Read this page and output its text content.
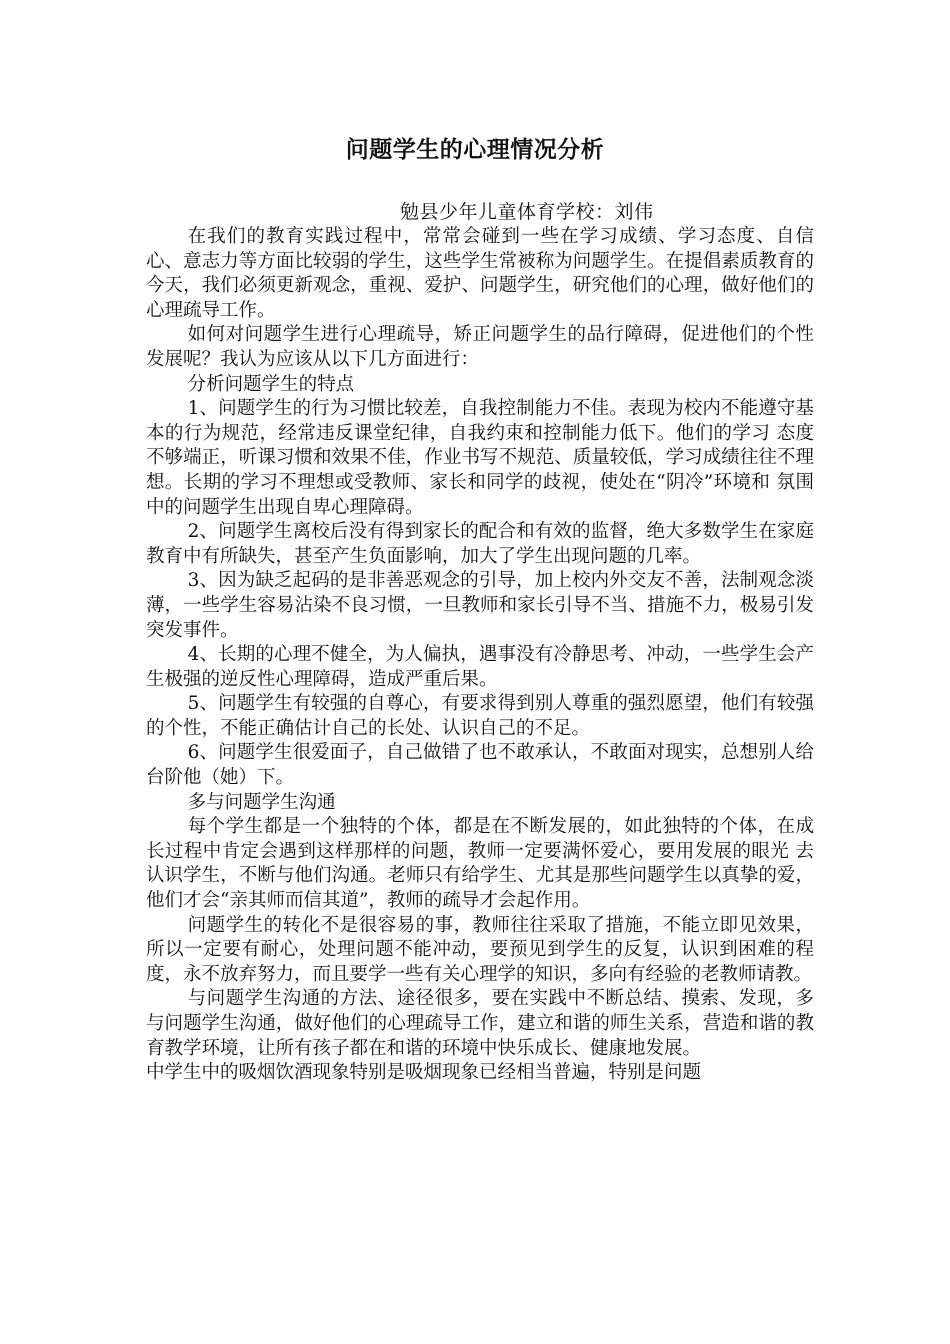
问题学生的心理情况分析
勉县少年儿童体育学校：刘伟

在我们的教育实践过程中，常常会碰到一些在学习成绩、学习态度、自信心、意志力等方面比较弱的学生，这些学生常被称为问题学生。在提倡素质教育的今天，我们必须更新观念，重视、爱护、问题学生，研究他们的心理，做好他们的心理疏导工作。

如何对问题学生进行心理疏导，矫正问题学生的品行障碍，促进他们的个性发展呢？我认为应该从以下几方面进行：

分析问题学生的特点

1、问题学生的行为习惯比较差，自我控制能力不佳。表现为校内不能遵守基本的行为规范，经常违反课堂纪律，自我约束和控制能力低下。他们的学习 态度不够端正，听课习惯和效果不佳，作业书写不规范、质量较低，学习成绩往往不理想。长期的学习不理想或受教师、家长和同学的歧视，使处在“阴冷”环境和 氛围中的问题学生出现自卑心理障碍。

2、问题学生离校后没有得到家长的配合和有效的监督，绝大多数学生在家庭教育中有所缺失，甚至产生负面影响，加大了学生出现问题的几率。

3、因为缺乏起码的是非善恶观念的引导，加上校内外交友不善，法制观念淡薄，一些学生容易沾染不良习惯，一旦教师和家长引导不当、措施不力，极易引发突发事件。

4、长期的心理不健全，为人偏执，遇事没有冷静思考、冲动，一些学生会产生极强的逆反性心理障碍，造成严重后果。

5、问题学生有较强的自尊心，有要求得到别人尊重的强烈愿望，他们有较强的个性，不能正确估计自己的长处、认识自己的不足。

6、问题学生很爱面子，自己做错了也不敢承认，不敢面对现实，总想别人给台阶他（她）下。

多与问题学生沟通

每个学生都是一个独特的个体，都是在不断发展的，如此独特的个体，在成长过程中肯定会遇到这样那样的问题，教师一定要满怀爱心，要用发展的眼光 去认识学生，不断与他们沟通。老师只有给学生、尤其是那些问题学生以真挚的爱，他们才会“亲其师而信其道”，教师的疏导才会起作用。

问题学生的转化不是很容易的事，教师往往采取了措施，不能立即见效果，所以一定要有耐心，处理问题不能冲动，要预见到学生的反复，认识到困难的程度，永不放弃努力，而且要学一些有关心理学的知识，多向有经验的老教师请教。

与问题学生沟通的方法、途径很多，要在实践中不断总结、摸索、发现，多与问题学生沟通，做好他们的心理疏导工作，建立和谐的师生关系，营造和谐的教育教学环境，让所有孩子都在和谐的环境中快乐成长、健康地发展。

中学生中的吸烟饮酒现象特别是吸烟现象已经相当普遍，特别是问题
